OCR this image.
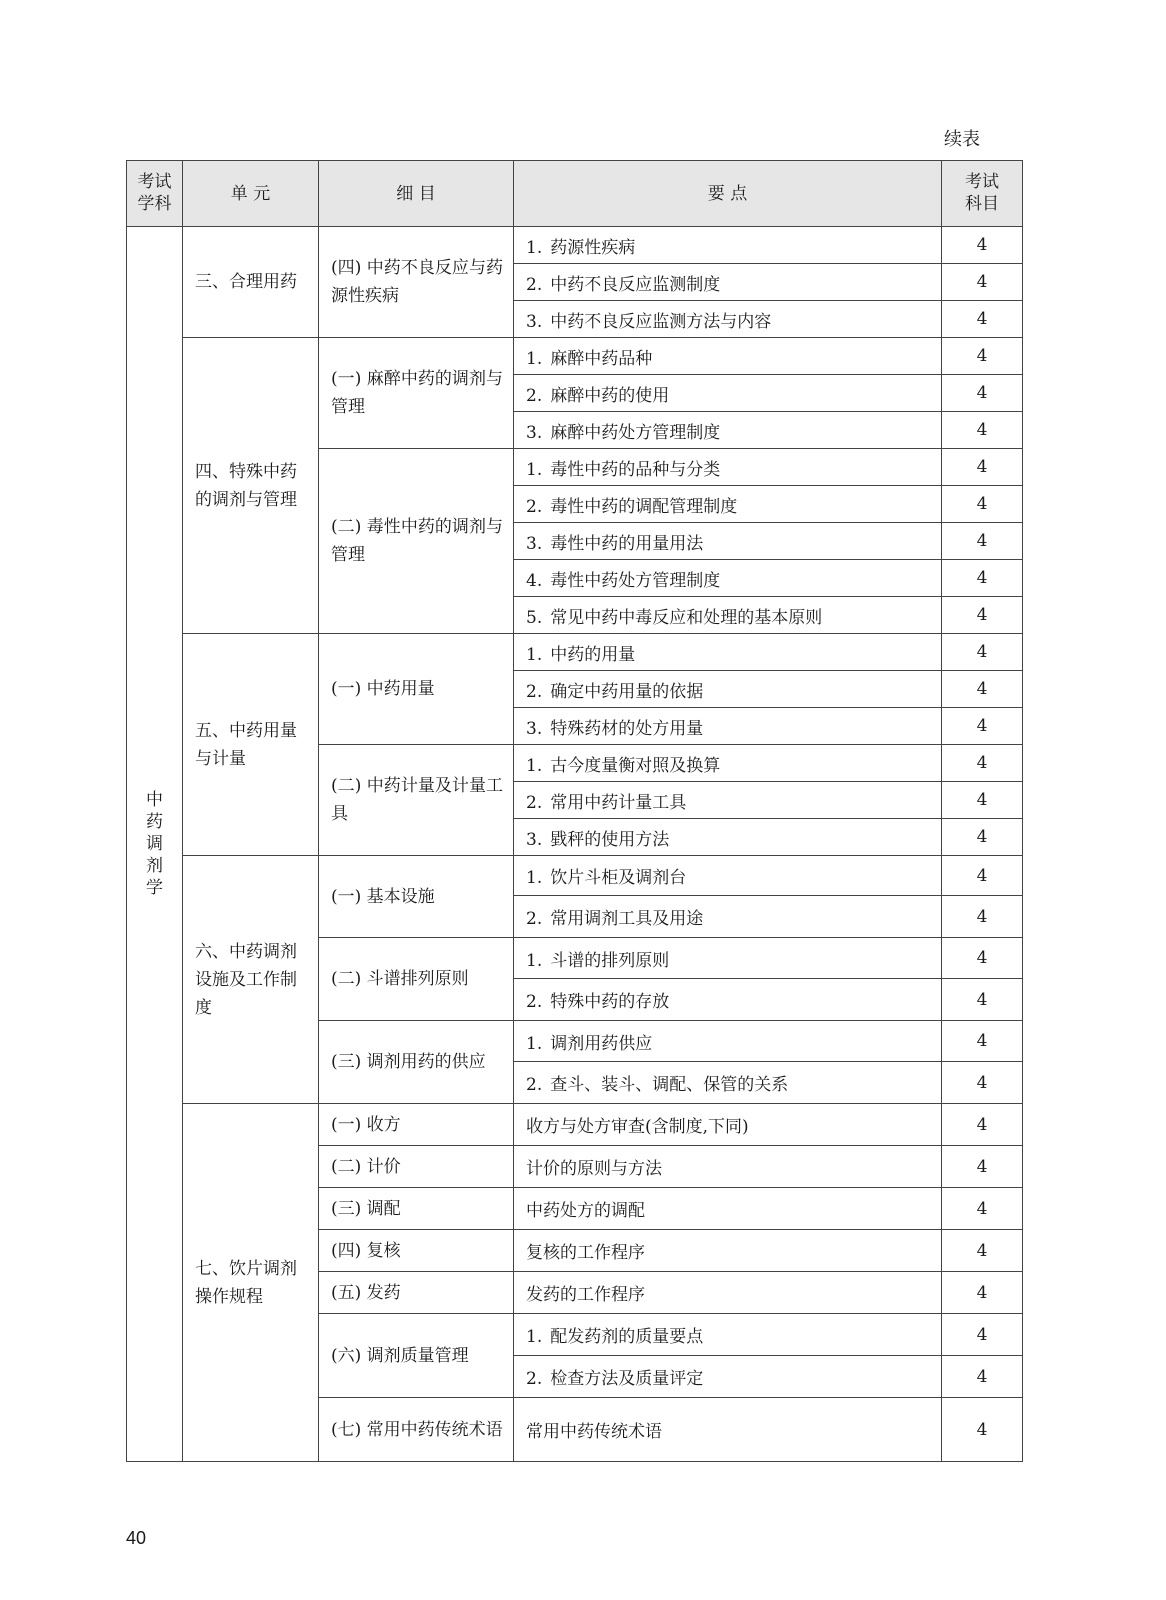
续表
考试学科	单 元	细 目	要 点	考试科目
中药调剂学	三、合理用药	(四) 中药不良反应与药源性疾病	1. 药源性疾病	4
			2. 中药不良反应监测制度	4
			3. 中药不良反应监测方法与内容	4
	四、特殊中药的调剂与管理	(一) 麻醉中药的调剂与管理	1. 麻醉中药品种	4
			2. 麻醉中药的使用	4
			3. 麻醉中药处方管理制度	4
		(二) 毒性中药的调剂与管理	1. 毒性中药的品种与分类	4
			2. 毒性中药的调配管理制度	4
			3. 毒性中药的用量用法	4
			4. 毒性中药处方管理制度	4
			5. 常见中药中毒反应和处理的基本原则	4
	五、中药用量与计量	(一) 中药用量	1. 中药的用量	4
			2. 确定中药用量的依据	4
			3. 特殊药材的处方用量	4
		(二) 中药计量及计量工具	1. 古今度量衡对照及换算	4
			2. 常用中药计量工具	4
			3. 戥秤的使用方法	4
	六、中药调剂设施及工作制度	(一) 基本设施	1. 饮片斗柜及调剂台	4
			2. 常用调剂工具及用途	4
		(二) 斗谱排列原则	1. 斗谱的排列原则	4
			2. 特殊中药的存放	4
		(三) 调剂用药的供应	1. 调剂用药供应	4
			2. 查斗、装斗、调配、保管的关系	4
	七、饮片调剂操作规程	(一) 收方	收方与处方审查(含制度,下同)	4
		(二) 计价	计价的原则与方法	4
		(三) 调配	中药处方的调配	4
		(四) 复核	复核的工作程序	4
		(五) 发药	发药的工作程序	4
		(六) 调剂质量管理	1. 配发药剂的质量要点	4
			2. 检查方法及质量评定	4
		(七) 常用中药传统术语	常用中药传统术语	4
40
